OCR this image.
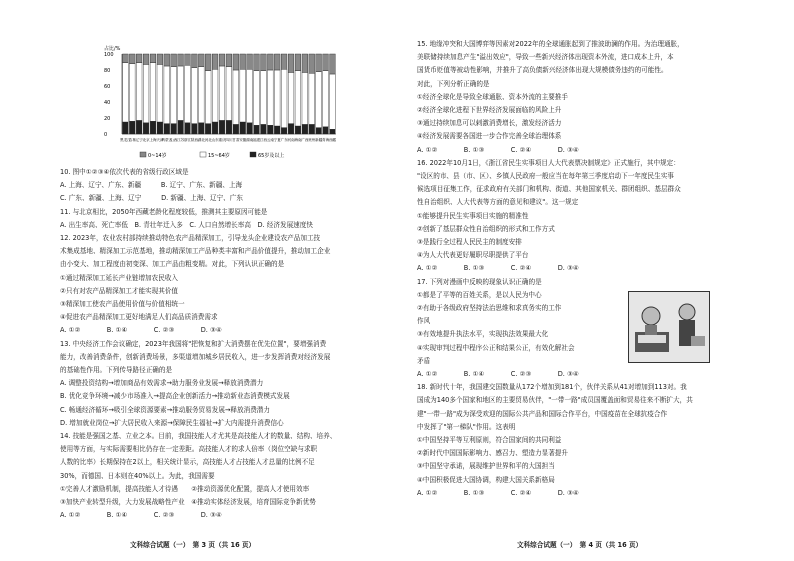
占比/%
100
80
60
40
20
0
黑龙江
吉林 辽宁 北京 上海 天津
内蒙古
山西 江苏 浙江 陕西 湖北 河北 山东 重庆 四川 甘肃 安徽 湖南 福建 江西 云南 宁夏 广东 河南 海南 广西 贵州 新疆 青海 西藏
0~14岁	15~64岁	65岁及以上
10. 图中①②③④依次代表的省级行政区域是
A. 上海、辽宁、广东、新疆　　　B. 辽宁、广东、新疆、上海
C. 广东、新疆、上海、辽宁　　　D. 新疆、上海、辽宁、广东
11. 与北京相比，2050年西藏老龄化程度较低，推测其主要原因可能是
A. 出生率高、死亡率低　B. 青壮年迁入多　C. 人口自然增长率高　D. 经济发展速度快
12. 2023年，农业农村部持续推动特色农产品精深加工，引导龙头企业建设农产品加工技
术集成基地、精深加工示范基地，推动精深加工产品种类丰富和产品价值提升，推动加工企业
由小变大、加工程度由初变深、加工产品由粗变精。对此，下列认识正确的是
①通过精深加工延长产业链增加农民收入
②只有对农产品精深加工才能实现其价值
③精深加工使农产品使用价值与价值相统一
④促进农产品精深加工更好地满足人们高品质消费需求
A. ①②　　　　B. ①④　　　　C. ②③　　　　D. ③④
13. 中央经济工作会议确定，2023年我国将"把恢复和扩大消费摆在优先位置"，要增强消费
能力，改善消费条件，创新消费场景，多渠道增加城乡居民收入，进一步发挥消费对经济发展
的基础性作用。下列传导路径正确的是
A. 调整投资结构→增加商品有效需求→助力服务业发展→释放消费潜力
B. 优化竞争环境→减少市场准入→提高企业创新活力→推动新业态消费模式发展
C. 畅通经济循环→吸引全球资源要素→推动服务贸易发展→释放消费潜力
D. 增加就业岗位→扩大居民收入来源→保障民生福祉→扩大内需提升消费信心
14. 技能是强国之基、立业之本。目前，我国技能人才尤其是高技能人才的数量、结构、培养、
使用等方面，与实际需要相比仍存在一定差距。高技能人才的求人倍率（岗位空缺与求职
人数的比率）长期保持在2以上，相关统计显示，高技能人才占技能人才总量的比例不足
30%，而德国、日本则在40%以上。为此，我国需要
①完善人才激励机制，提高技能人才待遇　　②推动资源优化配置，提高人才使用效率
③加快产业转型升级，大力发展战略性产业　④推动实体经济发展，培育国际竞争新优势
A. ①②　　　　B. ①④　　　　C. ②③　　　　D. ③④
文科综合试题（一）　第 3 页（共 16 页）
15. 地缘冲突和大国博弈等因素对2022年的全球通胀起到了推波助澜的作用。为治理通胀，
美联储持续加息产生"溢出效应"，导致一些新兴经济体出现资本外流，进口成本上升，本
国货币贬值等被动性影响，并推升了高负债新兴经济体出现大规模债务违约的可能性。
对此，下列分析正确的是
①经济全球化是导致全球通胀、资本外流的主要推手
②经济全球化进程下世界经济发展面临的风险上升
③通过持续加息可以刺激消费增长，激发经济活力
④经济发展需要各国进一步合作完善全球治理体系
A. ①②　　　　B. ①③　　　　C. ②④　　　　D. ③④
16. 2022年10月1日，《浙江省民生实事项目人大代表票决制规定》正式施行，其中规定：
"设区的市、县（市、区）、乡镇人民政府一般应当在每年第三季度启动下一年度民生实事
候选项目征集工作，征求政府有关部门和机构、街道、其他国家机关、群团组织、基层群众
性自治组织、人大代表等方面的意见和建议"。这一规定
①能够提升民生实事项目实施的精准性
②创新了基层群众性自治组织的形式和工作方式
③是践行全过程人民民主的制度安排
④为人大代表更好履职尽职提供了平台
A. ①②　　　　B. ①③　　　　C. ②④　　　　D. ③④
17. 下列对漫画中反映的现象认识正确的是
①都是了平等的百姓关系，是以人民为中心
②有助于各级政府坚持法治思维和求真务实的工作
作风
③有效地提升执法水平，实现执法效果最大化
④实现审判过程中程序公正和结果公正，有效化解社会
矛盾
A. ①②　　　　B. ①④　　　　C. ②③　　　　D. ③④
18. 新时代十年，我国建交国数量从172个增加到181个，伙伴关系从41对增加到113对。我
国成为140多个国家和地区的主要贸易伙伴，"一带一路"成员国覆盖面和贸易往来不断扩大，共
建"一带一路"成为深受欢迎的国际公共产品和国际合作平台，中国疫苗在全球抗疫合作
中发挥了"第一梯队"作用。这表明
①中国坚持平等互利原则，符合国家间的共同利益
②新时代中国国际影响力、感召力、塑造力显著提升
③中国坚守承诺，展现维护世界和平的大国担当
④中国积极促进大国协调，构建大国关系新格局
A. ①②　　　　B. ①③　　　　C. ②④　　　　D. ③④
文科综合试题（一）　第 4 页（共 16 页）
